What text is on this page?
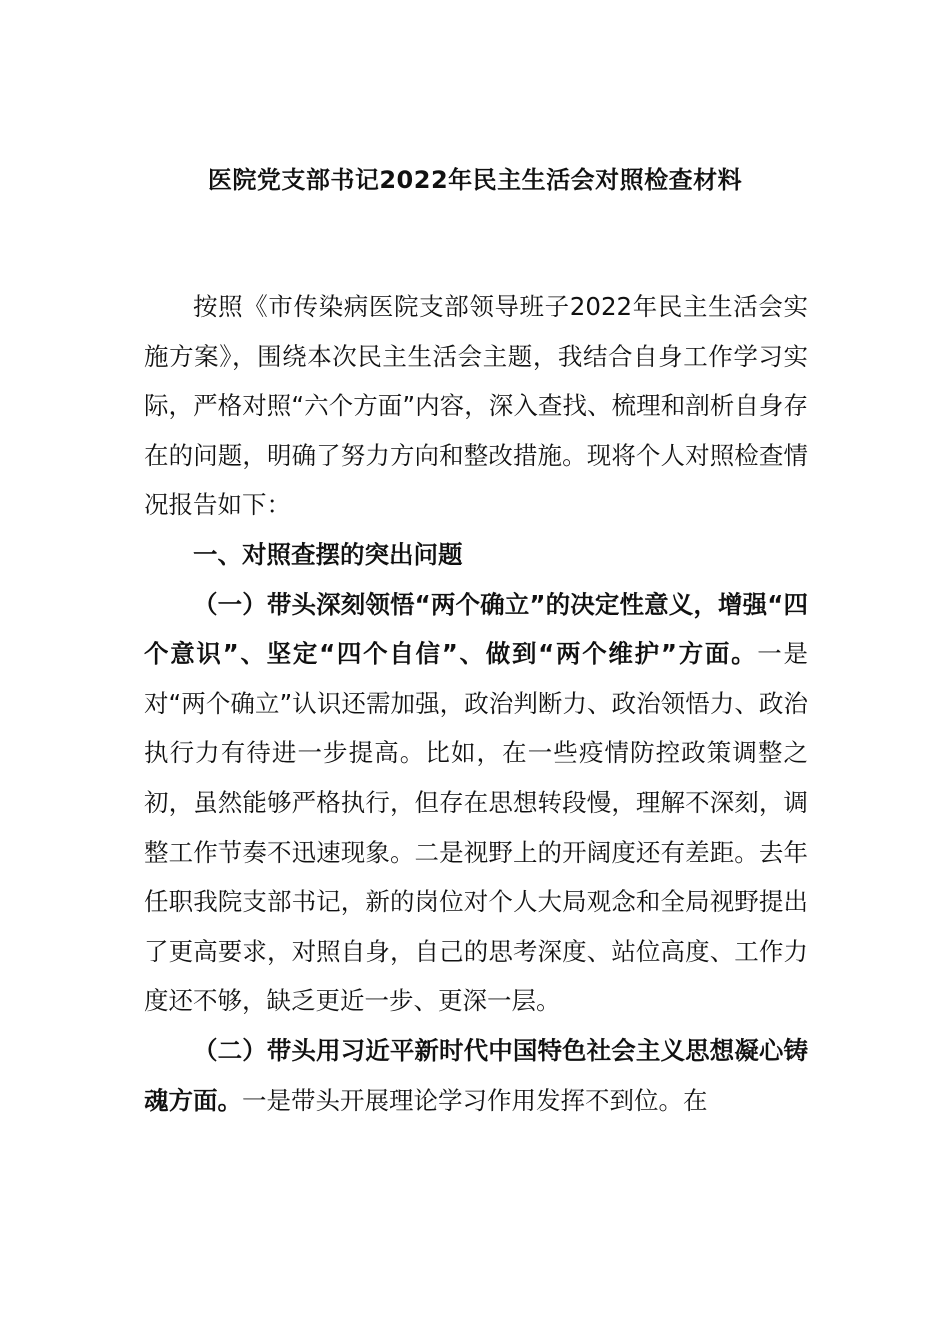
医院党支部书记2022年民主生活会对照检查材料

按照《市传染病医院支部领导班子2022年民主生活会实施方案》，围绕本次民主生活会主题，我结合自身工作学习实际，严格对照“六个方面”内容，深入查找、梳理和剖析自身存在的问题，明确了努力方向和整改措施。现将个人对照检查情况报告如下：

一、对照查摆的突出问题

（一）带头深刻领悟“两个确立”的决定性意义，增强“四个意识”、坚定“四个自信”、做到“两个维护”方面。一是对“两个确立”认识还需加强，政治判断力、政治领悟力、政治执行力有待进一步提高。比如，在一些疫情防控政策调整之初，虽然能够严格执行，但存在思想转段慢，理解不深刻，调整工作节奏不迅速现象。二是视野上的开阔度还有差距。去年任职我院支部书记，新的岗位对个人大局观念和全局视野提出了更高要求，对照自身，自己的思考深度、站位高度、工作力度还不够，缺乏更近一步、更深一层。

（二）带头用习近平新时代中国特色社会主义思想凝心铸魂方面。一是带头开展理论学习作用发挥不到位。在
